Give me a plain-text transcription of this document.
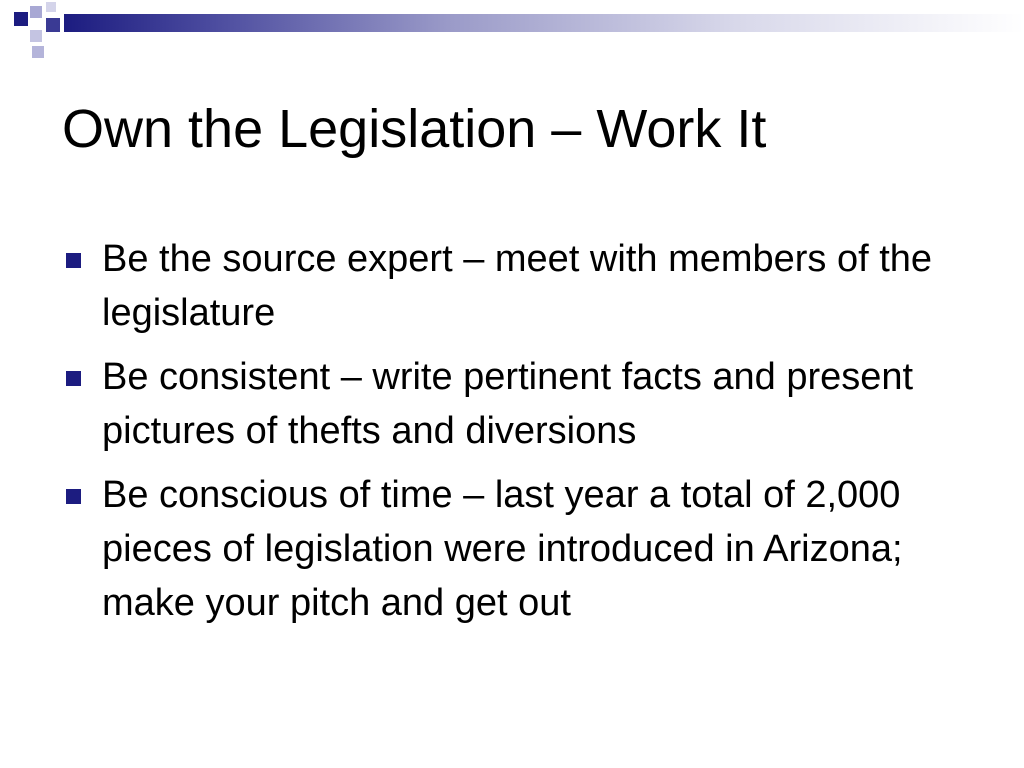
Own the Legislation – Work It
Be the source expert – meet with members of the legislature
Be consistent – write pertinent facts and present pictures of thefts and diversions
Be conscious of time – last year a total of 2,000 pieces of legislation were introduced in Arizona; make your pitch and get out
